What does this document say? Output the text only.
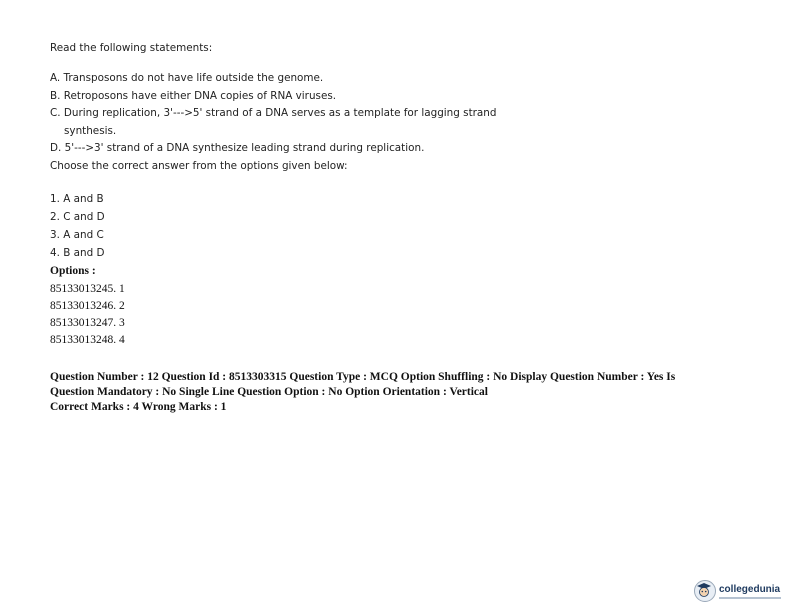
Read the following statements:
A. Transposons do not have life outside the genome.
B. Retroposons have either DNA copies of RNA viruses.
C. During replication, 3'--->5' strand of a DNA serves as a template for lagging strand
synthesis.
D. 5'--->3' strand of a DNA synthesize leading strand during replication.
Choose the correct answer from the options given below:
1. A and B
2. C and D
3. A and C
4. B and D
Options :
85133013245. 1
85133013246. 2
85133013247. 3
85133013248. 4
Question Number : 12 Question Id : 8513303315 Question Type : MCQ Option Shuffling : No Display Question Number : Yes Is
Question Mandatory : No Single Line Question Option : No Option Orientation : Vertical
Correct Marks : 4 Wrong Marks : 1
collegedunia
